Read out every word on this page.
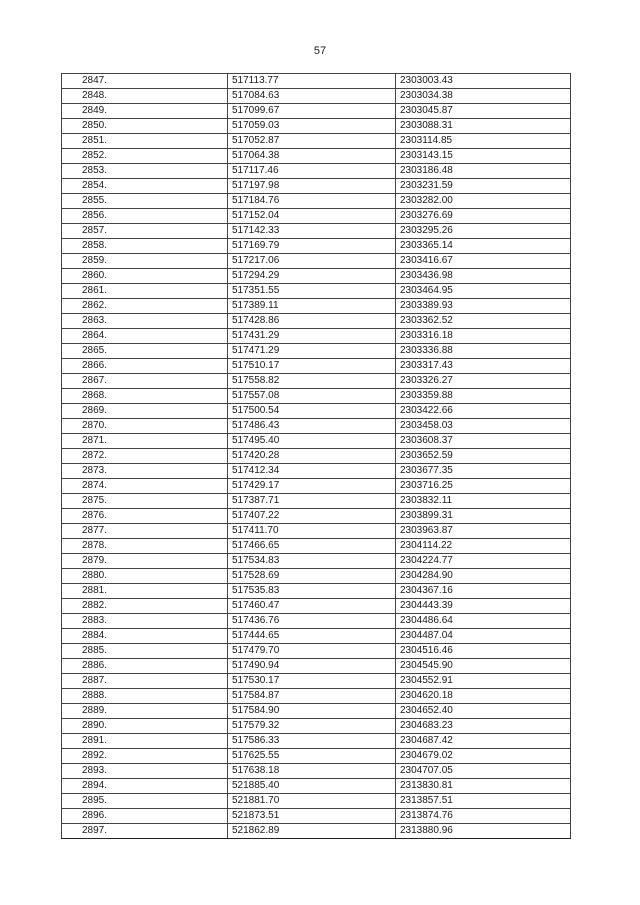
57
2847.	517113.77	2303003.43
2848.	517084.63	2303034.38
2849.	517099.67	2303045.87
2850.	517059.03	2303088.31
2851.	517052.87	2303114.85
2852.	517064.38	2303143.15
2853.	517117.46	2303186.48
2854.	517197.98	2303231.59
2855.	517184.76	2303282.00
2856.	517152.04	2303276.69
2857.	517142.33	2303295.26
2858.	517169.79	2303365.14
2859.	517217.06	2303416.67
2860.	517294.29	2303436.98
2861.	517351.55	2303464.95
2862.	517389.11	2303389.93
2863.	517428.86	2303362.52
2864.	517431.29	2303316.18
2865.	517471.29	2303336.88
2866.	517510.17	2303317.43
2867.	517558.82	2303326.27
2868.	517557.08	2303359.88
2869.	517500.54	2303422.66
2870.	517486.43	2303458.03
2871.	517495.40	2303608.37
2872.	517420.28	2303652.59
2873.	517412.34	2303677.35
2874.	517429.17	2303716.25
2875.	517387.71	2303832.11
2876.	517407.22	2303899.31
2877.	517411.70	2303963.87
2878.	517466.65	2304114.22
2879.	517534.83	2304224.77
2880.	517528.69	2304284.90
2881.	517535.83	2304367.16
2882.	517460.47	2304443.39
2883.	517436.76	2304486.64
2884.	517444.65	2304487.04
2885.	517479.70	2304516.46
2886.	517490.94	2304545.90
2887.	517530.17	2304552.91
2888.	517584.87	2304620.18
2889.	517584.90	2304652.40
2890.	517579.32	2304683.23
2891.	517586.33	2304687.42
2892.	517625.55	2304679.02
2893.	517638.18	2304707.05
2894.	521885.40	2313830.81
2895.	521881.70	2313857.51
2896.	521873.51	2313874.76
2897.	521862.89	2313880.96
